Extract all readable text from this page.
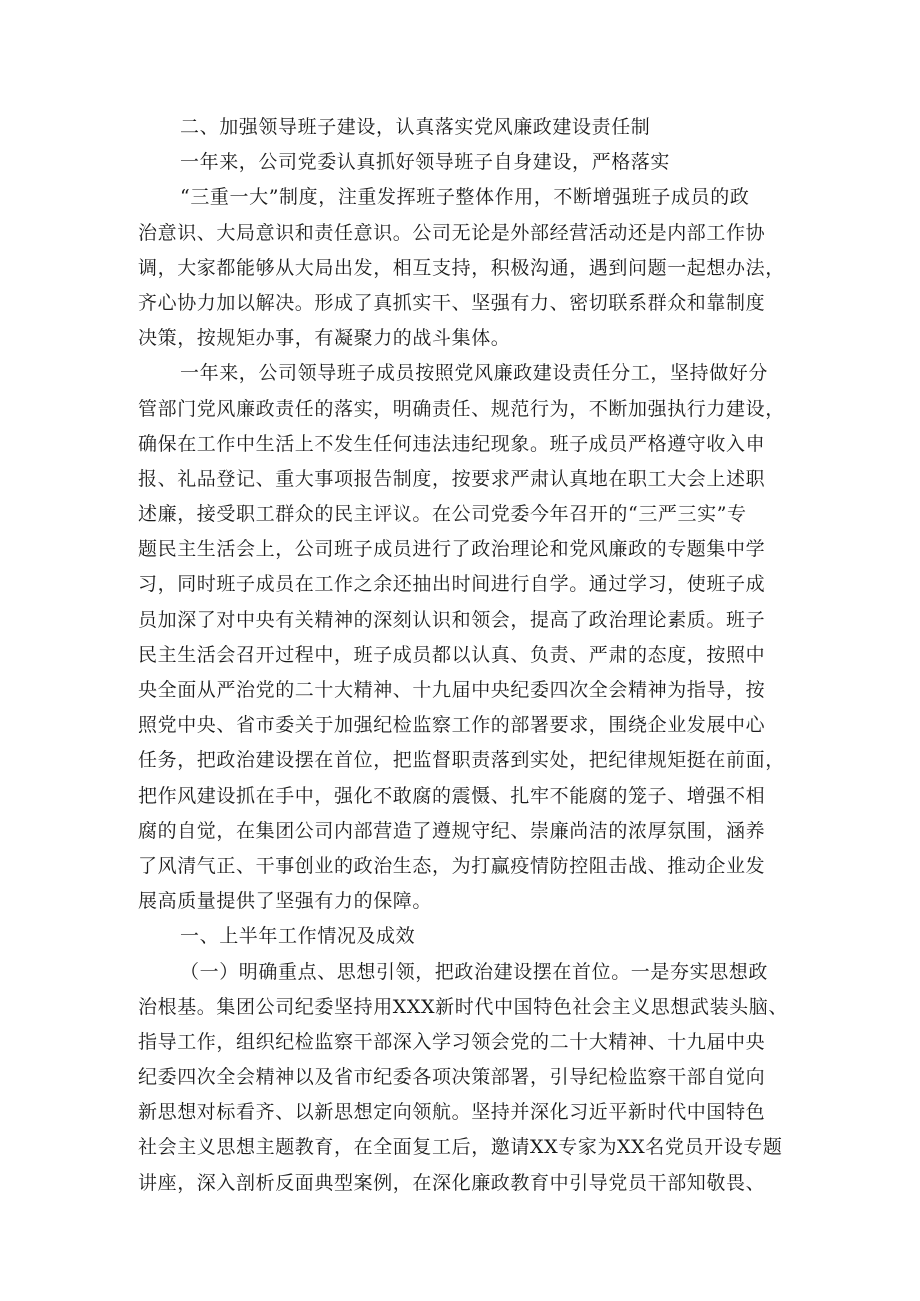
二、加强领导班子建设，认真落实党风廉政建设责任制
一年来，公司党委认真抓好领导班子自身建设，严格落实
“三重一大”制度，注重发挥班子整体作用，不断增强班子成员的政
治意识、大局意识和责任意识。公司无论是外部经营活动还是内部工作协
调，大家都能够从大局出发，相互支持，积极沟通，遇到问题一起想办法，
齐心协力加以解决。形成了真抓实干、坚强有力、密切联系群众和靠制度
决策，按规矩办事，有凝聚力的战斗集体。
一年来，公司领导班子成员按照党风廉政建设责任分工，坚持做好分
管部门党风廉政责任的落实，明确责任、规范行为，不断加强执行力建设，
确保在工作中生活上不发生任何违法违纪现象。班子成员严格遵守收入申
报、礼品登记、重大事项报告制度，按要求严肃认真地在职工大会上述职
述廉，接受职工群众的民主评议。在公司党委今年召开的“三严三实”专
题民主生活会上，公司班子成员进行了政治理论和党风廉政的专题集中学
习，同时班子成员在工作之余还抽出时间进行自学。通过学习，使班子成
员加深了对中央有关精神的深刻认识和领会，提高了政治理论素质。班子
民主生活会召开过程中，班子成员都以认真、负责、严肃的态度，按照中
央全面从严治党的二十大精神、十九届中央纪委四次全会精神为指导，按
照党中央、省市委关于加强纪检监察工作的部署要求，围绕企业发展中心
任务，把政治建设摆在首位，把监督职责落到实处，把纪律规矩挺在前面，
把作风建设抓在手中，强化不敢腐的震慑、扎牢不能腐的笼子、增强不相
腐的自觉，在集团公司内部营造了遵规守纪、崇廉尚洁的浓厚氛围，涵养
了风清气正、干事创业的政治生态，为打赢疫情防控阻击战、推动企业发
展高质量提供了坚强有力的保障。
一、上半年工作情况及成效
（一）明确重点、思想引领，把政治建设摆在首位。一是夯实思想政
治根基。集团公司纪委坚持用XXX新时代中国特色社会主义思想武装头脑、
指导工作，组织纪检监察干部深入学习领会党的二十大精神、十九届中央
纪委四次全会精神以及省市纪委各项决策部署，引导纪检监察干部自觉向
新思想对标看齐、以新思想定向领航。坚持并深化习近平新时代中国特色
社会主义思想主题教育，在全面复工后，邀请XX专家为XX名党员开设专题
讲座，深入剖析反面典型案例，在深化廉政教育中引导党员干部知敬畏、
